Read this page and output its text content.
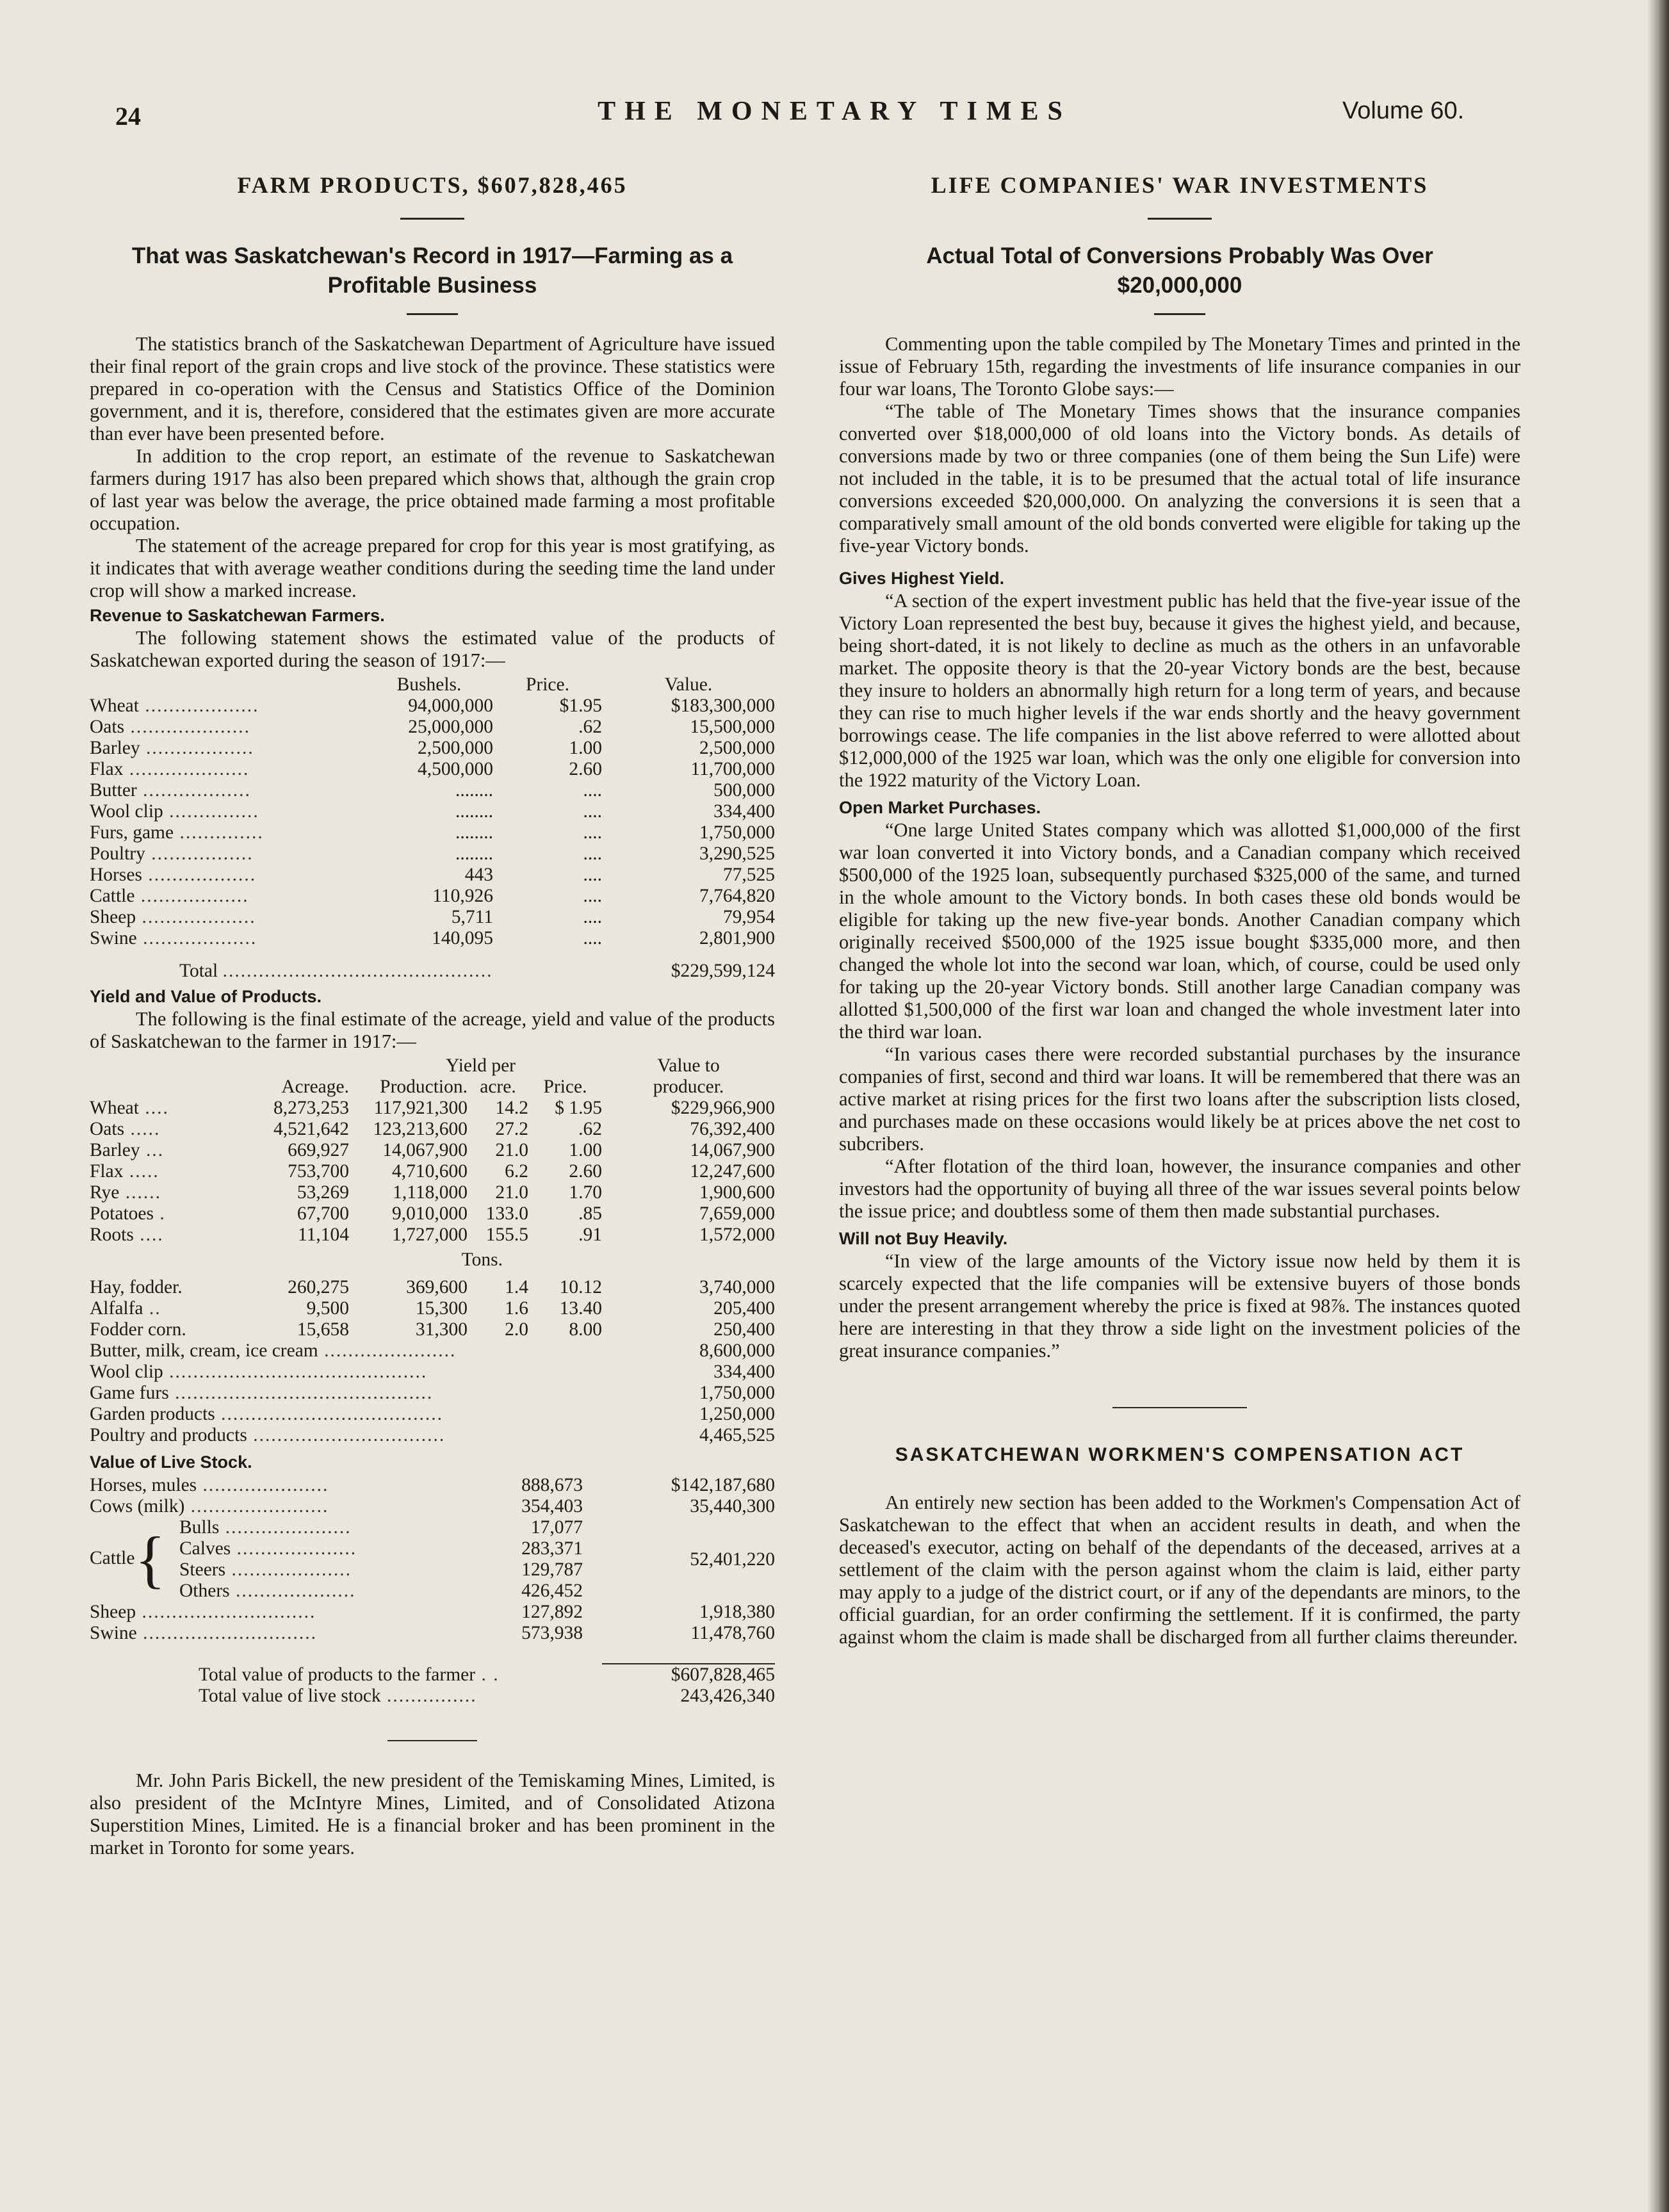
24	THE MONETARY TIMES	Volume 60.
FARM PRODUCTS, $607,828,465
That was Saskatchewan's Record in 1917—Farming as a
Profitable Business

The statistics branch of the Saskatchewan Department of Agriculture have issued their final report of the grain crops and live stock of the province. These statistics were prepared in co-operation with the Census and Statistics Office of the Dominion government, and it is, therefore, considered that the estimates given are more accurate than ever have been presented before.

In addition to the crop report, an estimate of the revenue to Saskatchewan farmers during 1917 has also been prepared which shows that, although the grain crop of last year was below the average, the price obtained made farming a most profitable occupation.

The statement of the acreage prepared for crop for this year is most gratifying, as it indicates that with average weather conditions during the seeding time the land under crop will show a marked increase.

Revenue to Saskatchewan Farmers.

The following statement shows the estimated value of the products of Saskatchewan exported during the season of 1917:—

	Bushels.	Price.	Value.
Wheat ...................	94,000,000	$1.95	$183,300,000
Oats ....................	25,000,000	.62	15,500,000
Barley ..................	2,500,000	1.00	2,500,000
Flax ....................	4,500,000	2.60	11,700,000
Butter ..................	........	....	500,000
Wool clip ...............	........	....	334,400
Furs, game ..............	........	....	1,750,000
Poultry .................	........	....	3,290,525
Horses ..................	443	....	77,525
Cattle ..................	110,926	....	7,764,820
Sheep ...................	5,711	....	79,954
Swine ...................	140,095	....	2,801,900
Total .............................................			$229,599,124
Yield and Value of Products.

The following is the final estimate of the acreage, yield and value of the products of Saskatchewan to the farmer in 1917:—

		Yield per			Value to
	Acreage.	Production.	acre.	Price.	producer.
Wheat ....	8,273,253	117,921,300	14.2	$ 1.95	$229,966,900
Oats .....	4,521,642	123,213,600	27.2	.62	76,392,400
Barley ...	669,927	14,067,900	21.0	1.00	14,067,900
Flax .....	753,700	4,710,600	6.2	2.60	12,247,600
Rye ......	53,269	1,118,000	21.0	1.70	1,900,600
Potatoes .	67,700	9,010,000	133.0	.85	7,659,000
Roots ....	11,104	1,727,000	155.5	.91	1,572,000
		Tons.			
Hay, fodder.	260,275	369,600	1.4	10.12	3,740,000
Alfalfa ..	9,500	15,300	1.6	13.40	205,400
Fodder corn.	15,658	31,300	2.0	8.00	250,400
Butter, milk, cream, ice cream ......................					8,600,000
Wool clip ...........................................					334,400
Game furs ...........................................					1,750,000
Garden products .....................................					1,250,000
Poultry and products ................................					4,465,525
Value of Live Stock.
Horses, mules .....................	888,673	$142,187,680
Cows (milk) .......................	354,403	35,440,300
Cattle{	Bulls .....................	17,077
Calves ....................	283,371
Steers ....................	129,787
Others ....................	426,452
	52,401,220
Sheep .............................	127,892	1,918,380
Swine .............................	573,938	11,478,760
	Total value of products to the farmer . .	$607,828,465
	Total value of live stock ...............	243,426,340

Mr. John Paris Bickell, the new president of the Temiskaming Mines, Limited, is also president of the McIntyre Mines, Limited, and of Consolidated Atizona Superstition Mines, Limited. He is a financial broker and has been prominent in the market in Toronto for some years.

LIFE COMPANIES' WAR INVESTMENTS
Actual Total of Conversions Probably Was Over
$20,000,000

Commenting upon the table compiled by The Monetary Times and printed in the issue of February 15th, regarding the investments of life insurance companies in our four war loans, The Toronto Globe says:—

“The table of The Monetary Times shows that the insurance companies converted over $18,000,000 of old loans into the Victory bonds. As details of conversions made by two or three companies (one of them being the Sun Life) were not included in the table, it is to be presumed that the actual total of life insurance conversions exceeded $20,000,000. On analyzing the conversions it is seen that a comparatively small amount of the old bonds converted were eligible for taking up the five-year Victory bonds.

Gives Highest Yield.

“A section of the expert investment public has held that the five-year issue of the Victory Loan represented the best buy, because it gives the highest yield, and because, being short-dated, it is not likely to decline as much as the others in an unfavorable market. The opposite theory is that the 20-year Victory bonds are the best, because they insure to holders an abnormally high return for a long term of years, and because they can rise to much higher levels if the war ends shortly and the heavy government borrowings cease. The life companies in the list above referred to were allotted about $12,000,000 of the 1925 war loan, which was the only one eligible for conversion into the 1922 maturity of the Victory Loan.

Open Market Purchases.

“One large United States company which was allotted $1,000,000 of the first war loan converted it into Victory bonds, and a Canadian company which received $500,000 of the 1925 loan, subsequently purchased $325,000 of the same, and turned in the whole amount to the Victory bonds. In both cases these old bonds would be eligible for taking up the new five-year bonds. Another Canadian company which originally received $500,000 of the 1925 issue bought $335,000 more, and then changed the whole lot into the second war loan, which, of course, could be used only for taking up the 20-year Victory bonds. Still another large Canadian company was allotted $1,500,000 of the first war loan and changed the whole investment later into the third war loan.

“In various cases there were recorded substantial purchases by the insurance companies of first, second and third war loans. It will be remembered that there was an active market at rising prices for the first two loans after the subscription lists closed, and purchases made on these occasions would likely be at prices above the net cost to subcribers.

“After flotation of the third loan, however, the insurance companies and other investors had the opportunity of buying all three of the war issues several points below the issue price; and doubtless some of them then made substantial purchases.

Will not Buy Heavily.

“In view of the large amounts of the Victory issue now held by them it is scarcely expected that the life companies will be extensive buyers of those bonds under the present arrangement whereby the price is fixed at 98⅞. The instances quoted here are interesting in that they throw a side light on the investment policies of the great insurance companies.”

SASKATCHEWAN WORKMEN'S COMPENSATION ACT

An entirely new section has been added to the Workmen's Compensation Act of Saskatchewan to the effect that when an accident results in death, and when the deceased's executor, acting on behalf of the dependants of the deceased, arrives at a settlement of the claim with the person against whom the claim is laid, either party may apply to a judge of the district court, or if any of the dependants are minors, to the official guardian, for an order confirming the settlement. If it is confirmed, the party against whom the claim is made shall be discharged from all further claims thereunder.
